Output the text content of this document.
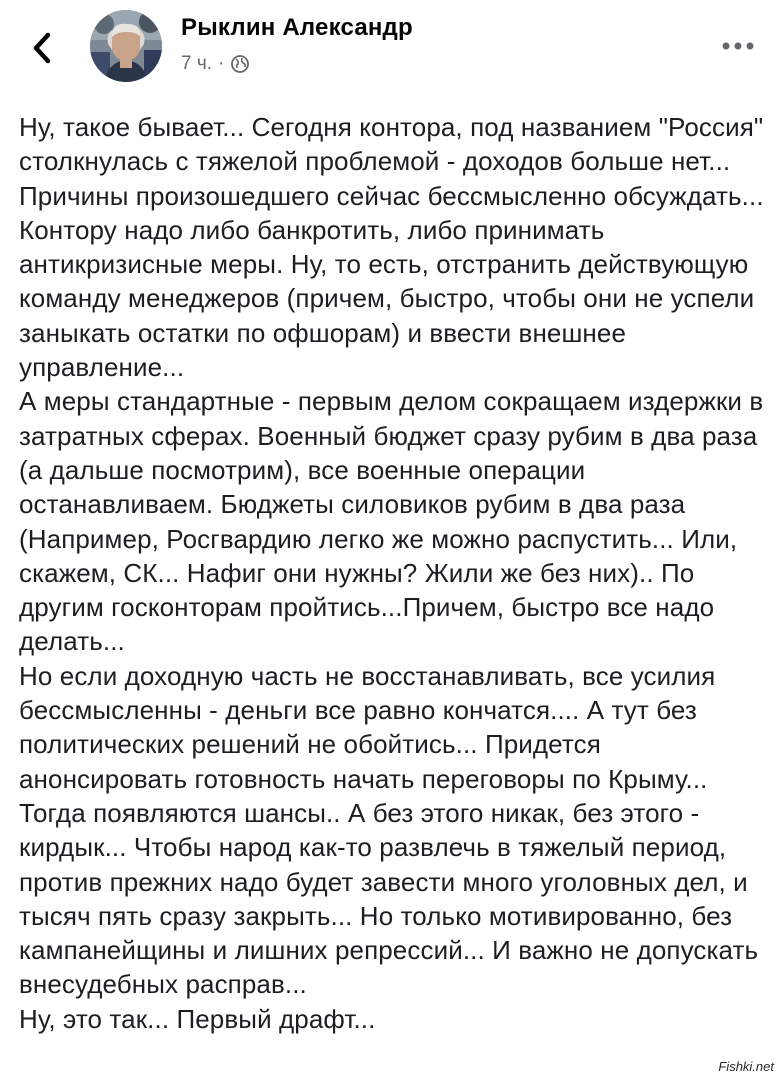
Рыклин Александр
7 ч. ·

Ну, такое бывает... Сегодня контора, под названием "Россия" столкнулась с тяжелой проблемой - доходов больше нет... Причины произошедшего сейчас бессмысленно обсуждать... Контору надо либо банкротить, либо принимать антикризисные меры. Ну, то есть, отстранить действующую команду менеджеров (причем, быстро, чтобы они не успели заныкать остатки по офшорам) и ввести внешнее управление...

А меры стандартные - первым делом сокращаем издержки в затратных сферах. Военный бюджет сразу рубим в два раза (а дальше посмотрим), все военные операции останавливаем. Бюджеты силовиков рубим в два раза (Например, Росгвардию легко же можно распустить... Или, скажем, СК... Нафиг они нужны? Жили же без них).. По другим госконторам пройтись...Причем, быстро все надо делать...

Но если доходную часть не восстанавливать, все усилия бессмысленны - деньги все равно кончатся.... А тут без политических решений не обойтись... Придется анонсировать готовность начать переговоры по Крыму... Тогда появляются шансы.. А без этого никак, без этого - кирдык... Чтобы народ как-то развлечь в тяжелый период, против прежних надо будет завести много уголовных дел, и тысяч пять сразу закрыть... Но только мотивированно, без кампанейщины и лишних репрессий... И важно не допускать внесудебных расправ...

Ну, это так... Первый драфт...

Fishki.net
